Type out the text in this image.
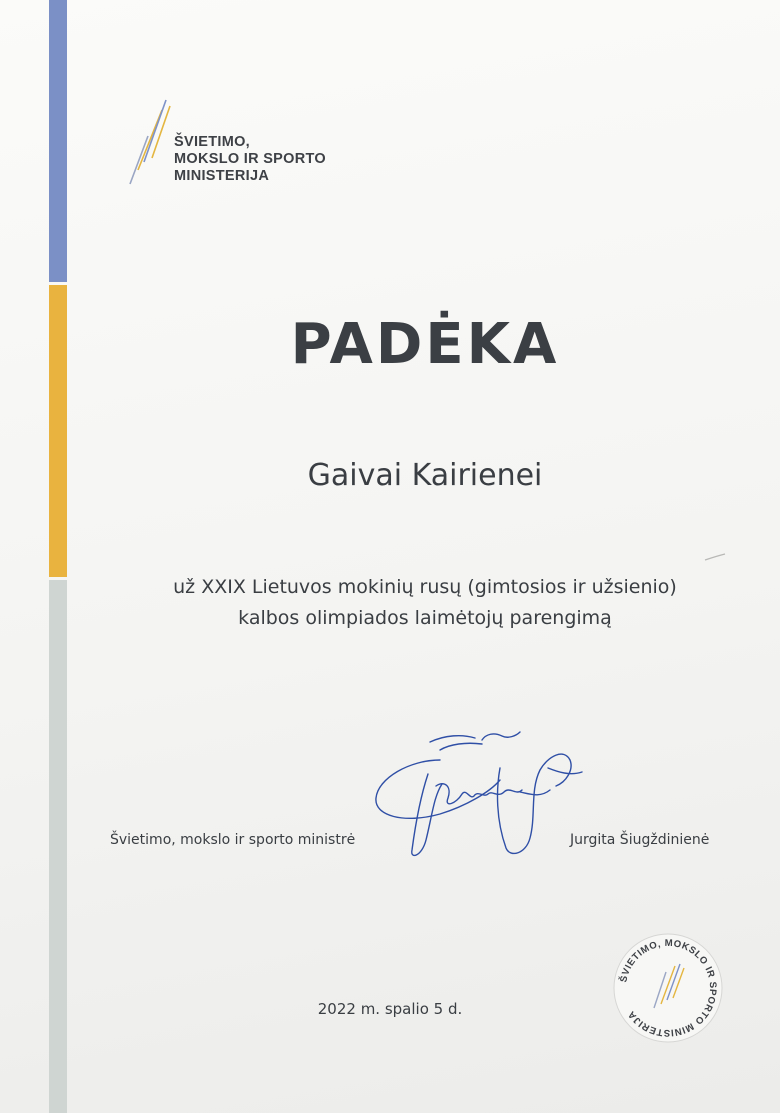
ŠVIETIMO,
MOKSLO IR SPORTO
MINISTERIJA
PADĖKA
Gaivai Kairienei
už XXIX Lietuvos mokinių rusų (gimtosios ir užsienio)
kalbos olimpiados laimėtojų parengimą
Švietimo, mokslo ir sporto ministrė	Jurgita Šiugždinienė
2022 m. spalio 5 d.
ŠVIETIMO, MOKSLO IR SPORTO MINISTERIJA
